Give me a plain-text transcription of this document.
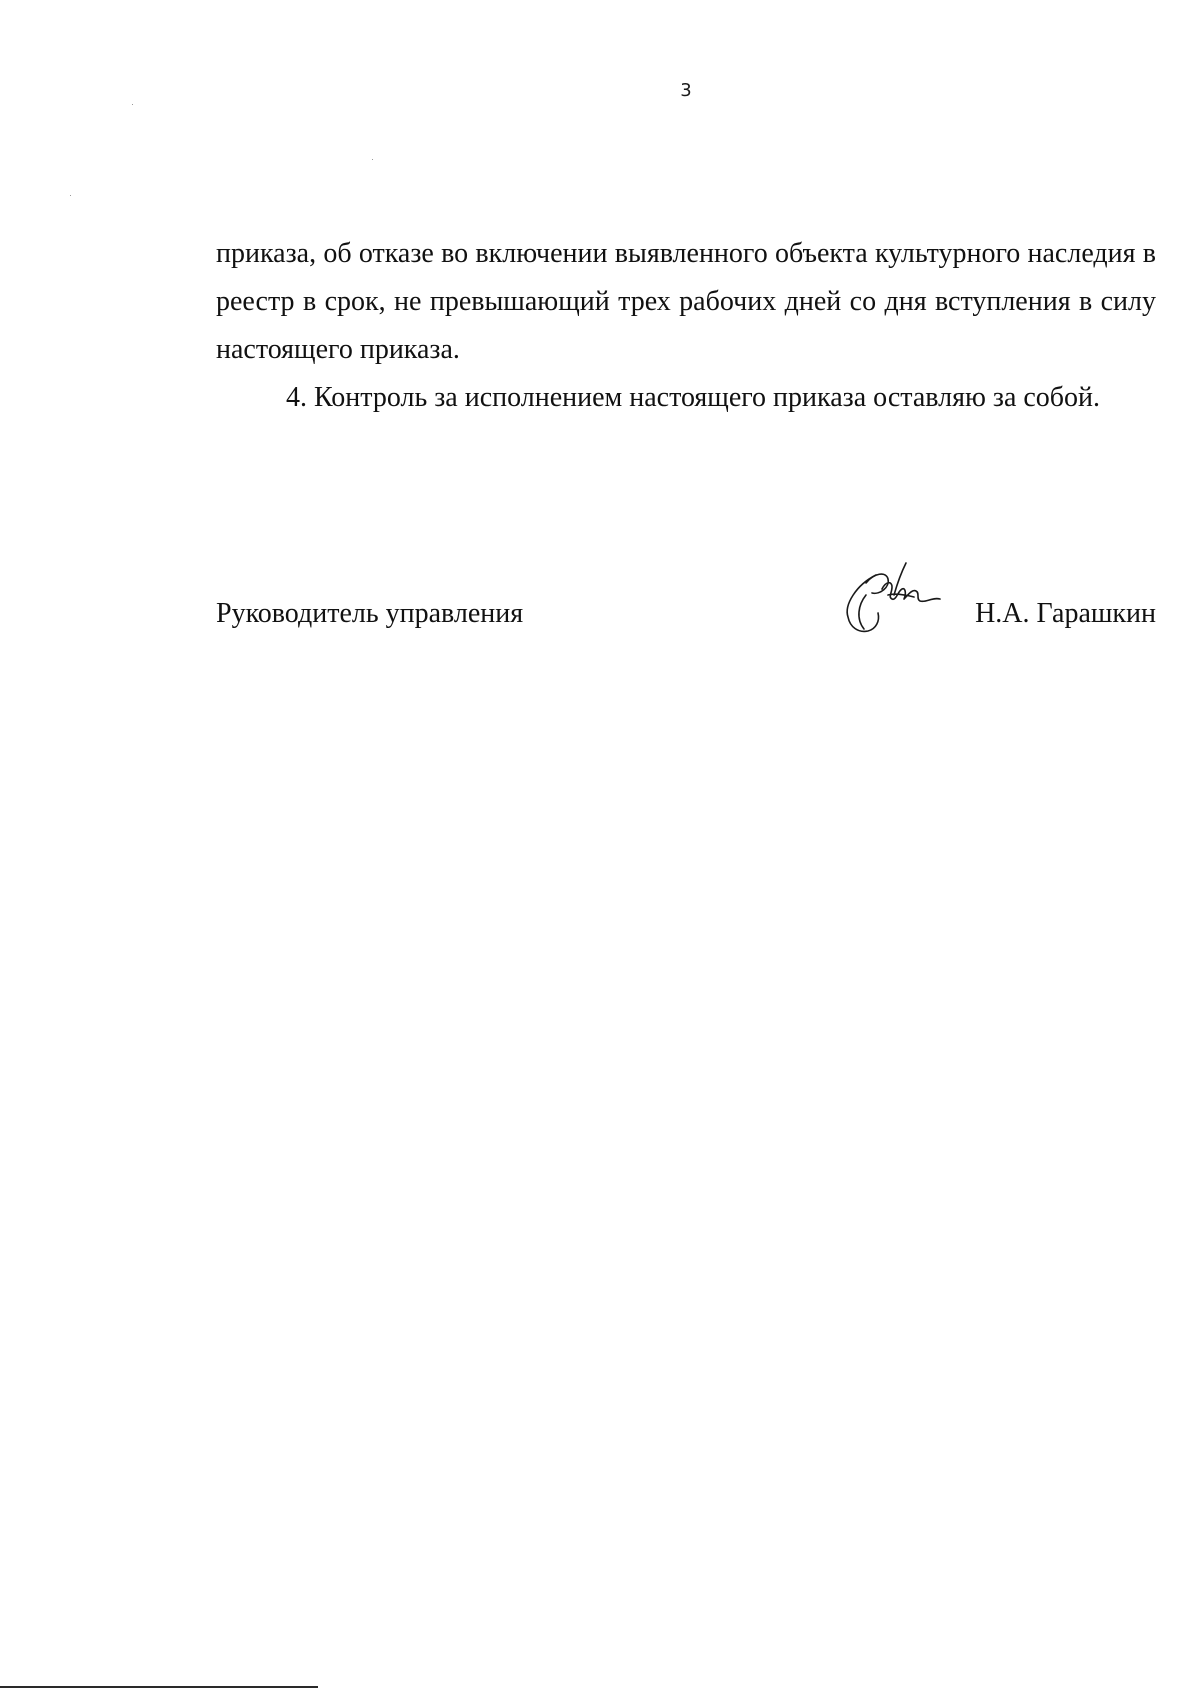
3

приказа, об отказе во включении выявленного объекта культурного наследия в реестр в срок, не превышающий трех рабочих дней со дня вступления в силу настоящего приказа.

4. Контроль за исполнением настоящего приказа оставляю за собой.

Руководитель управления	Н.А. Гарашкин
